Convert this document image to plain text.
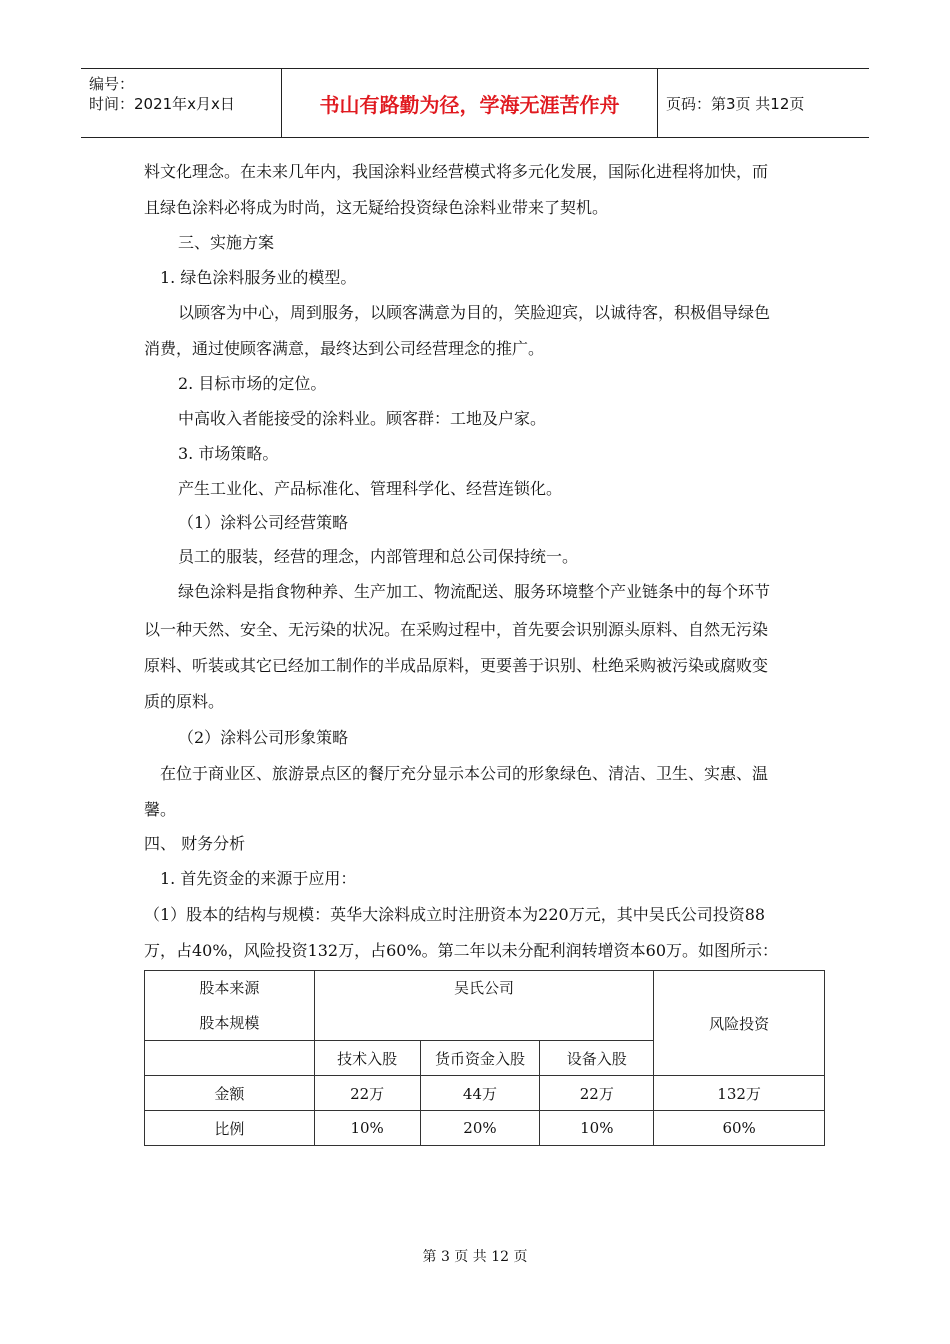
编号：
时间：2021年x月x日	书山有路勤为径，学海无涯苦作舟	页码：第3页 共12页
料文化理念。在未来几年内，我国涂料业经营模式将多元化发展，国际化进程将加快，而
且绿色涂料必将成为时尚，这无疑给投资绿色涂料业带来了契机。
三、实施方案
1. 绿色涂料服务业的模型。
以顾客为中心，周到服务，以顾客满意为目的，笑脸迎宾，以诚待客，积极倡导绿色
消费，通过使顾客满意，最终达到公司经营理念的推广。
2. 目标市场的定位。
中高收入者能接受的涂料业。顾客群：工地及户家。
3. 市场策略。
产生工业化、产品标准化、管理科学化、经营连锁化。
（1）涂料公司经营策略
员工的服装，经营的理念，内部管理和总公司保持统一。
绿色涂料是指食物种养、生产加工、物流配送、服务环境整个产业链条中的每个环节
以一种天然、安全、无污染的状况。在采购过程中，首先要会识别源头原料、自然无污染
原料、听装或其它已经加工制作的半成品原料，更要善于识别、杜绝采购被污染或腐败变
质的原料。
（2）涂料公司形象策略
在位于商业区、旅游景点区的餐厅充分显示本公司的形象绿色、清洁、卫生、实惠、温
馨。
四、 财务分析
1. 首先资金的来源于应用：
（1）股本的结构与规模：英华大涂料成立时注册资本为220万元，其中吴氏公司投资88
万，占40%，风险投资132万，占60%。第二年以未分配利润转增资本60万。如图所示：
股本来源
股本规模	吴氏公司			风险投资
	技术入股	货币资金入股	设备入股	
金额	22万	44万	22万	132万
比例	10%	20%	10%	60%
第 3 页 共 12 页
